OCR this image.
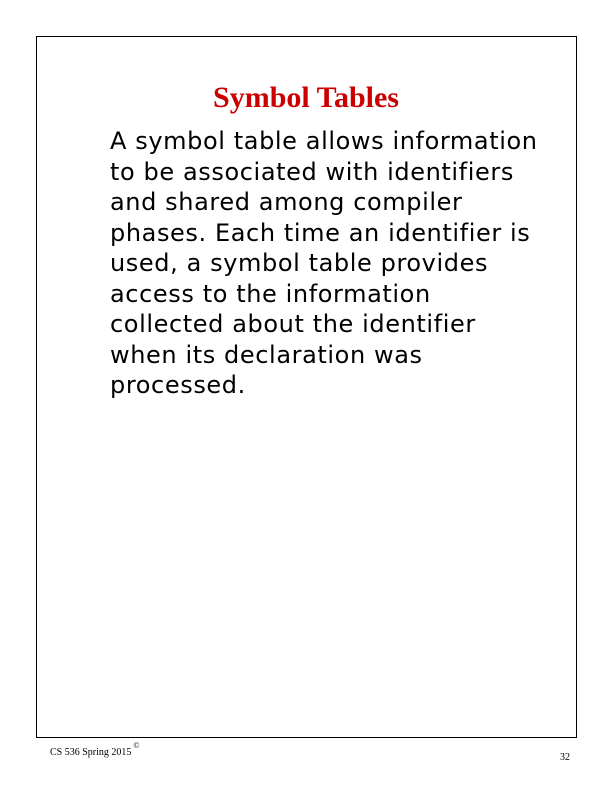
Symbol Tables

A symbol table allows information to be associated with identifiers and shared among compiler phases. Each time an identifier is used, a symbol table provides access to the information collected about the identifier when its declaration was processed.

CS 536 Spring 2015©
32
